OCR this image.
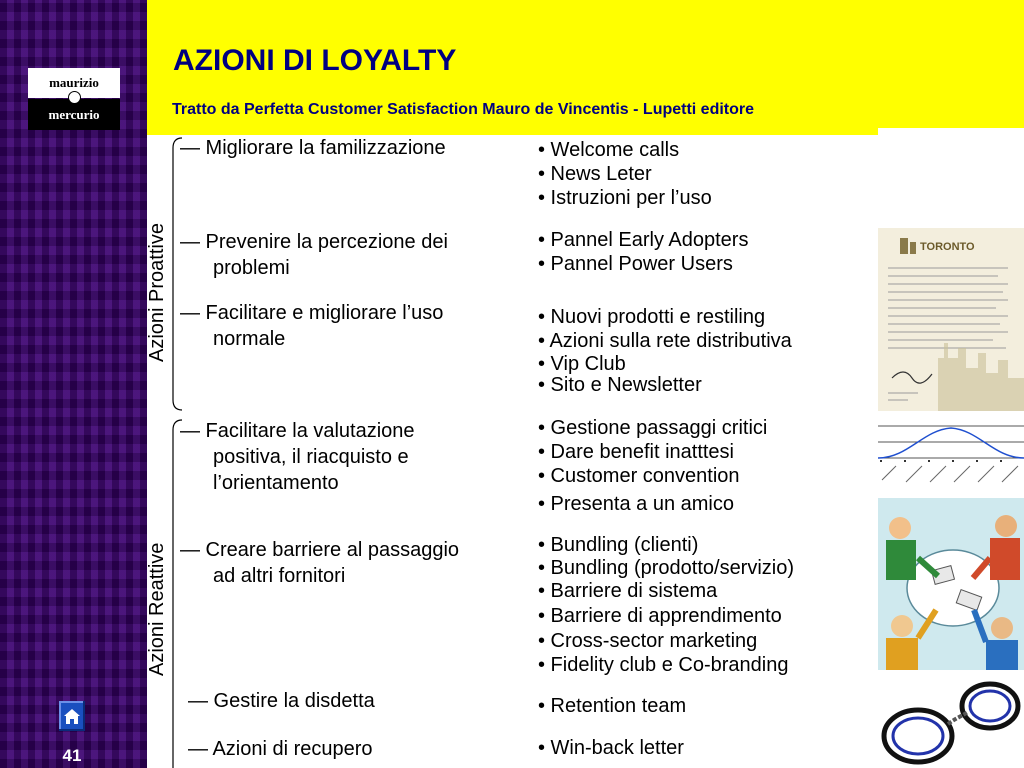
maurizio
mercurio
41
AZIONI DI LOYALTY
Tratto da Perfetta Customer Satisfaction Mauro de Vincentis - Lupetti editore
Azioni Proattive
Azioni Reattive
— Migliorare la familizzazione
— Prevenire la percezione dei
problemi
— Facilitare e migliorare l’uso
normale
— Facilitare la valutazione
positiva, il riacquisto e
l’orientamento
— Creare barriere al passaggio
ad altri fornitori
— Gestire la disdetta
— Azioni di recupero
• Welcome calls
• News Leter
• Istruzioni per l’uso
• Pannel Early Adopters
• Pannel Power Users
• Nuovi prodotti e restiling
• Azioni sulla rete distributiva
• Vip Club
• Sito e Newsletter
• Gestione passaggi critici
• Dare benefit inatttesi
• Customer convention
• Presenta a un amico
• Bundling (clienti)
• Bundling (prodotto/servizio)
• Barriere di sistema
• Barriere di apprendimento
• Cross-sector marketing
• Fidelity club e Co-branding
• Retention team
• Win-back letter
TORONTO
